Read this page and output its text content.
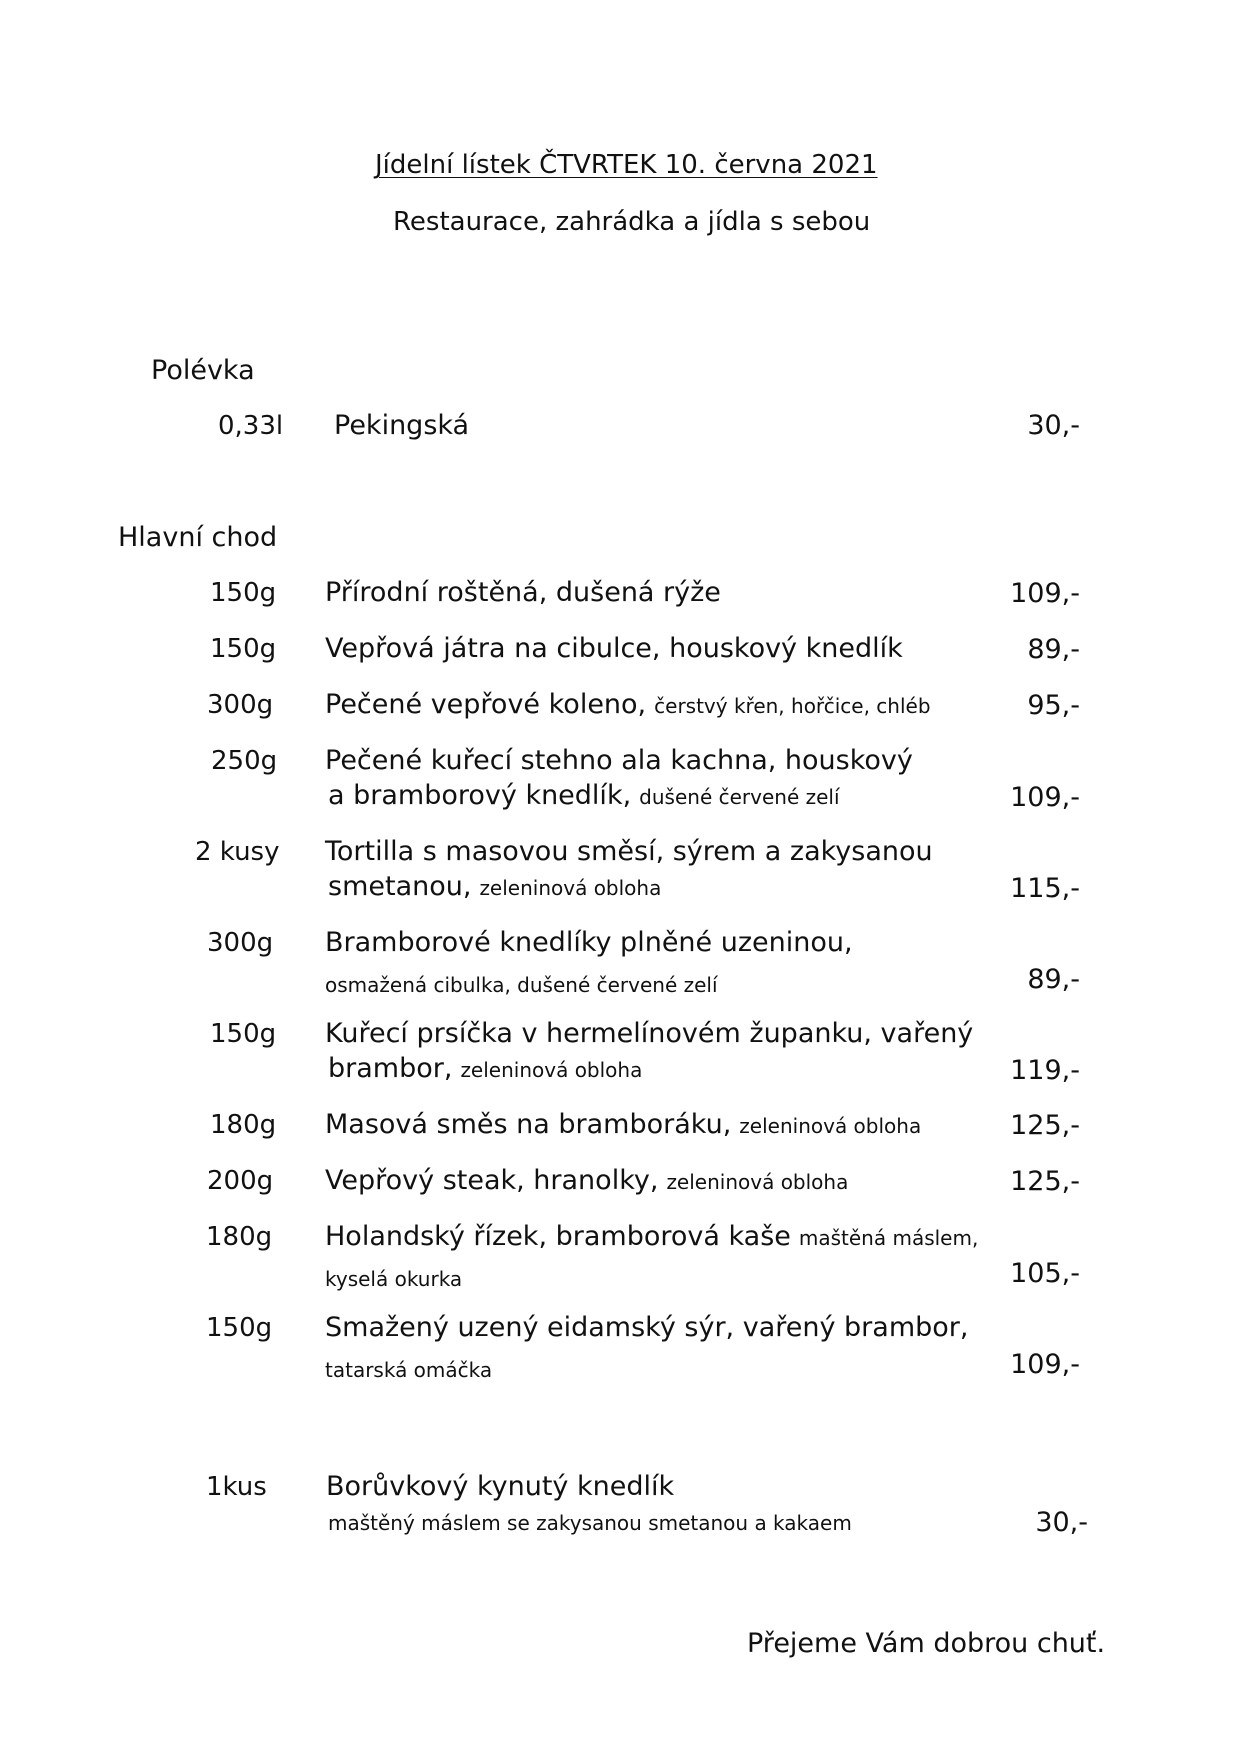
Jídelní lístek ČTVRTEK 10. června 2021
Restaurace, zahrádka a jídla s sebou
Polévka
0,33l Pekingská	30,-
Hlavní chod
150g Přírodní roštěná, dušená rýže	109,-
150g Vepřová játra na cibulce, houskový knedlík	89,-
300g Pečené vepřové koleno, čerstvý křen, hořčice, chléb	95,-
250g Pečené kuřecí stehno ala kachna, houskový
a bramborový knedlík, dušené červené zelí	109,-
2 kusy Tortilla s masovou směsí, sýrem a zakysanou
smetanou, zeleninová obloha	115,-
300g Bramborové knedlíky plněné uzeninou,
osmažená cibulka, dušené červené zelí	89,-
150g Kuřecí prsíčka v hermelínovém županku, vařený
brambor, zeleninová obloha	119,-
180g Masová směs na bramboráku, zeleninová obloha	125,-
200g Vepřový steak, hranolky, zeleninová obloha	125,-
180g Holandský řízek, bramborová kaše maštěná máslem,
kyselá okurka	105,-
150g Smažený uzený eidamský sýr, vařený brambor,
tatarská omáčka	109,-
1kus Borůvkový kynutý knedlík
maštěný máslem se zakysanou smetanou a kakaem	30,-
Přejeme Vám dobrou chuť.
